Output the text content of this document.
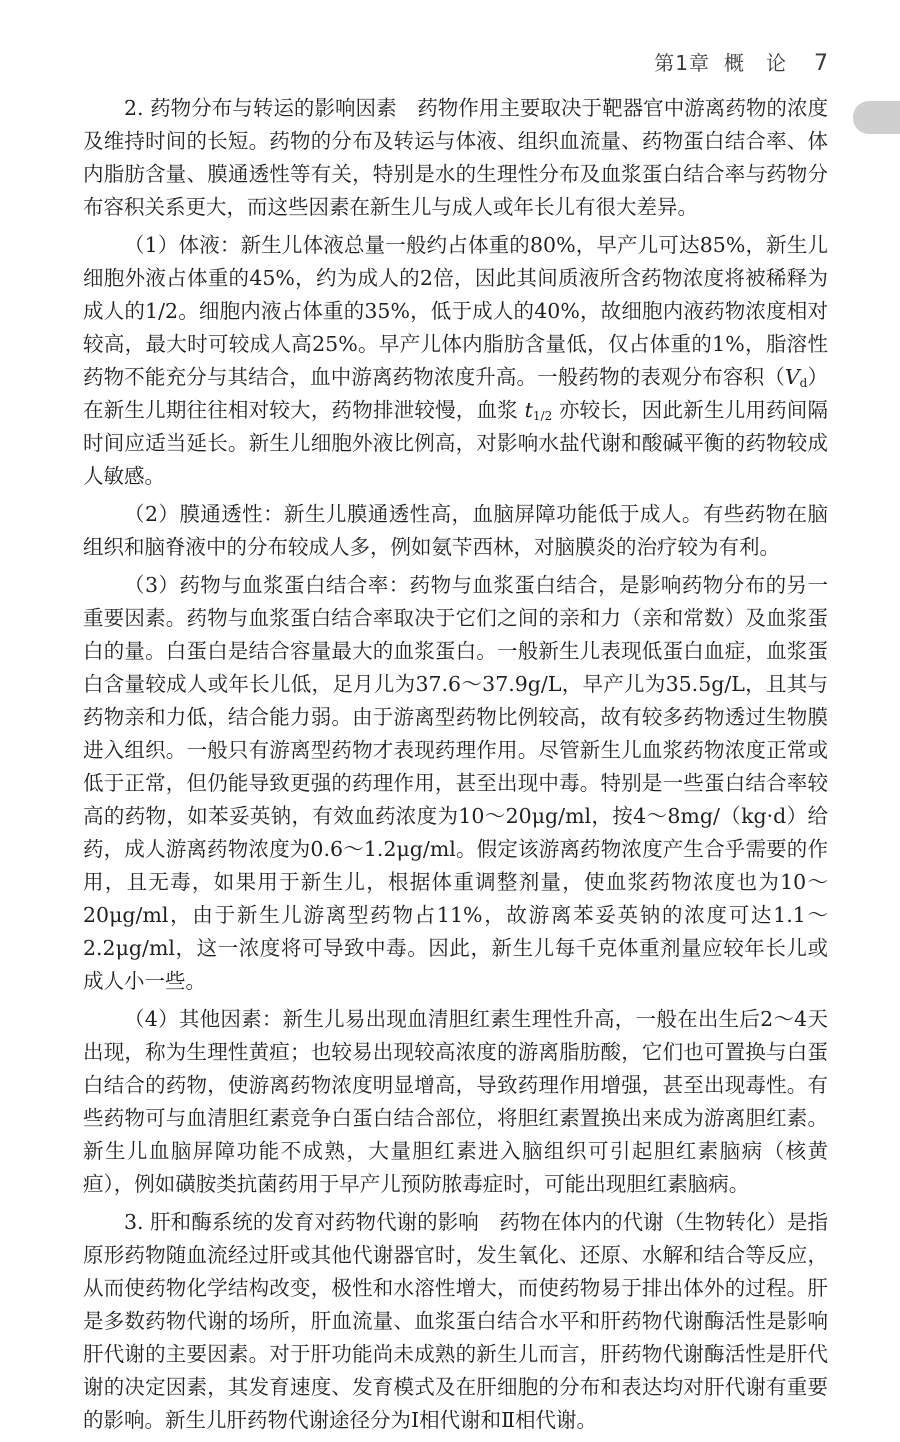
第1章 概论 7

2. 药物分布与转运的影响因素　 药物作用主要取决于靶器官中游离药物的浓度及维持时间的长短。药物的分布及转运与体液、组织血流量、药物蛋白结合率、体内脂肪含量、膜通透性等有关，特别是水的生理性分布及血浆蛋白结合率与药物分布容积关系更大，而这些因素在新生儿与成人或年长儿有很大差异。

（1）体液：新生儿体液总量一般约占体重的80%，早产儿可达85%，新生儿细胞外液占体重的45%，约为成人的2倍，因此其间质液所含药物浓度将被稀释为成人的1/2。细胞内液占体重的35%，低于成人的40%，故细胞内液药物浓度相对较高，最大时可较成人高25%。早产儿体内脂肪含量低，仅占体重的1%，脂溶性药物不能充分与其结合，血中游离药物浓度升高。一般药物的表观分布容积$(V_d)$在新生儿期往往相对较大，药物排泄较慢，血浆 $t_{1/2}$ 亦较长，因此新生儿用药间隔时间应适当延长。新生儿细胞外液比例高，对影响水盐代谢和酸碱平衡的药物较成人敏感。

（2）膜通透性：新生儿膜通透性高，血脑屏障功能低于成人。有些药物在脑组织和脑脊液中的分布较成人多，例如氨苄西林，对脑膜炎的治疗较为有利。

（3）药物与血浆蛋白结合率：药物与血浆蛋白结合，是影响药物分布的另一重要因素。药物与血浆蛋白结合率取决于它们之间的亲和力（亲和常数）及血浆蛋白的量。白蛋白是结合容量最大的血浆蛋白。一般新生儿表现低蛋白血症，血浆蛋白含量较成人或年长儿低，足月儿为37.6～37.9g/L，早产儿为35.5g/L，且其与药物亲和力低，结合能力弱。由于游离型药物比例较高，故有较多药物透过生物膜进入组织。一般只有游离型药物才表现药理作用。尽管新生儿血浆药物浓度正常或低于正常，但仍能导致更强的药理作用，甚至出现中毒。特别是一些蛋白结合率较高的药物，如苯妥英钠，有效血药浓度为10～20μg/ml，按4～8mg/（kg·d）给药，成人游离药物浓度为0.6～1.2μg/ml。假定该游离药物浓度产生合乎需要的作用，且无毒，如果用于新生儿，根据体重调整剂量，使血浆药物浓度也为10～20μg/ml，由于新生儿游离型药物占11%，故游离苯妥英钠的浓度可达1.1～2.2μg/ml，这一浓度将可导致中毒。因此，新生儿每千克体重剂量应较年长儿或成人小一些。

（4）其他因素：新生儿易出现血清胆红素生理性升高，一般在出生后2～4天出现，称为生理性黄疸；也较易出现较高浓度的游离脂肪酸，它们也可置换与白蛋白结合的药物，使游离药物浓度明显增高，导致药理作用增强，甚至出现毒性。有些药物可与血清胆红素竞争白蛋白结合部位，将胆红素置换出来成为游离胆红素。新生儿血脑屏障功能不成熟，大量胆红素进入脑组织可引起胆红素脑病（核黄疸），例如磺胺类抗菌药用于早产儿预防脓毒症时，可能出现胆红素脑病。

3. 肝和酶系统的发育对药物代谢的影响　 药物在体内的代谢（生物转化）是指原形药物随血流经过肝或其他代谢器官时，发生氧化、还原、水解和结合等反应，从而使药物化学结构改变，极性和水溶性增大，而使药物易于排出体外的过程。肝是多数药物代谢的场所，肝血流量、血浆蛋白结合水平和肝药物代谢酶活性是影响肝代谢的主要因素。对于肝功能尚未成熟的新生儿而言，肝药物代谢酶活性是肝代谢的决定因素，其发育速度、发育模式及在肝细胞的分布和表达均对肝代谢有重要的影响。新生儿肝药物代谢途径分为Ⅰ相代谢和Ⅱ相代谢。
